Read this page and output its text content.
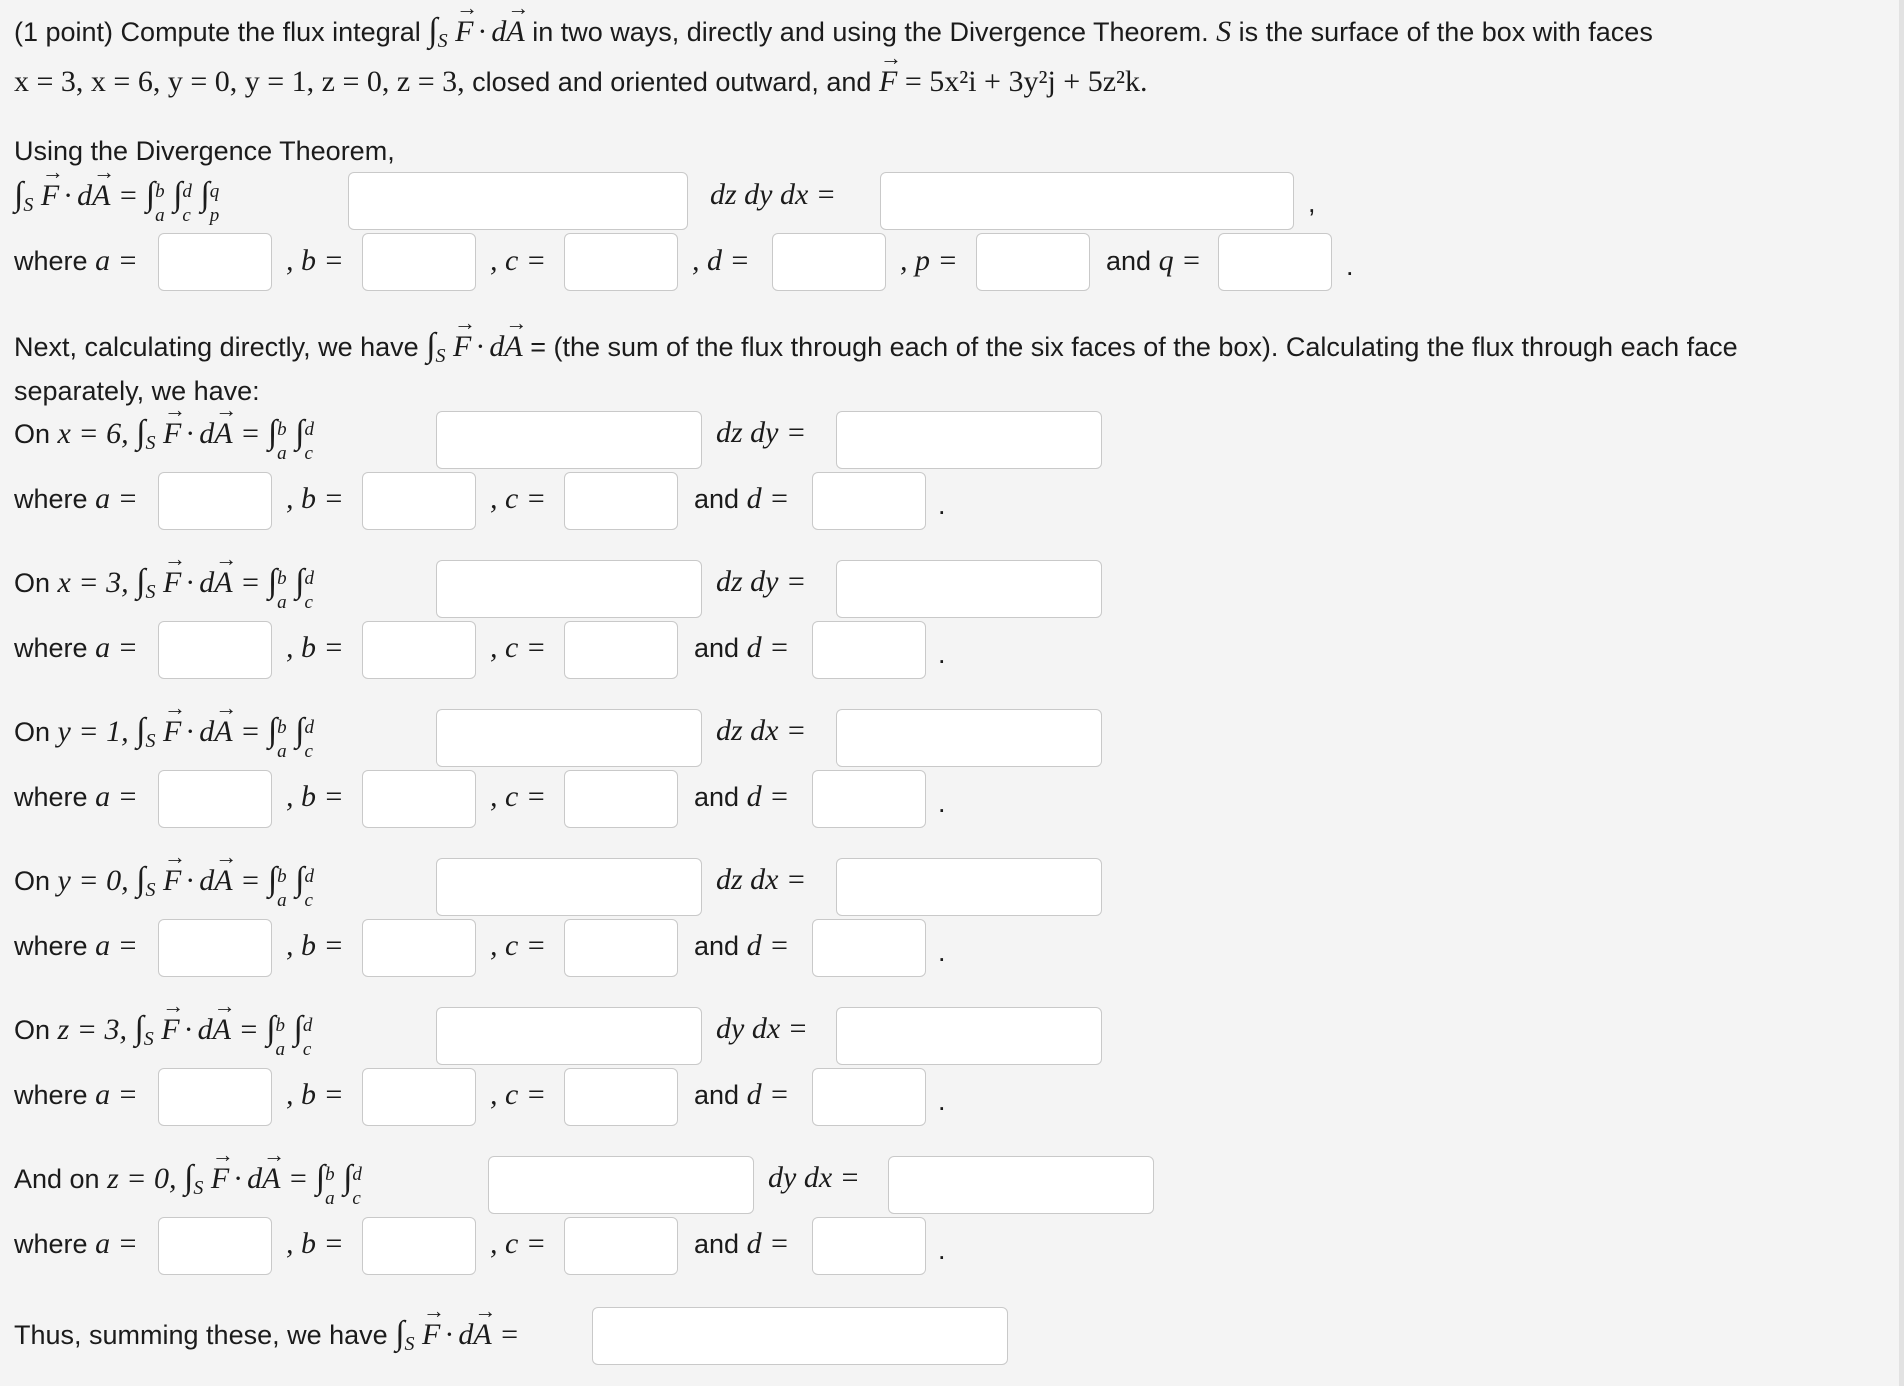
(1 point) Compute the flux integral $\int_S$ F → · dA → in two ways, directly and using the Divergence Theorem. S is the surface of the box with faces
x = 3, x = 6, y = 0, y = 1, z = 0, z = 3, closed and oriented outward, and F → = 5x²i + 3y²j + 5z²k.
Using the Divergence Theorem,
$\int_S$ F → · dA → = ∫ b
a
∫ d
c
∫ q
p
dz dy dx =	,
where a =	, b =	, c =	, d =	, p =	and q =	.
Next, calculating directly, we have $\int_S$ F → · dA → = (the sum of the flux through each of the six faces of the box). Calculating the flux through each face
separately, we have:
On x = 6, $\int_S$ F → · dA → = ∫ b
a
∫ d
c
dz dy =
where a =	, b =	, c =	and d =	.
On x = 3, $\int_S$ F → · dA → = ∫ b
a
∫ d
c
dz dy =
where a =	, b =	, c =	and d =	.
On y = 1, $\int_S$ F → · dA → = ∫ b
a
∫ d
c
dz dx =
where a =	, b =	, c =	and d =	.
On y = 0, $\int_S$ F → · dA → = ∫ b
a
∫ d
c
dz dx =
where a =	, b =	, c =	and d =	.
On z = 3, $\int_S$ F → · dA → = ∫ b
a
∫ d
c
dy dx =
where a =	, b =	, c =	and d =	.
And on z = 0, $\int_S$ F → · dA → = ∫ b
a
∫ d
c
dy dx =
where a =	, b =	, c =	and d =	.
Thus, summing these, we have $\int_S$ F → · dA → =
